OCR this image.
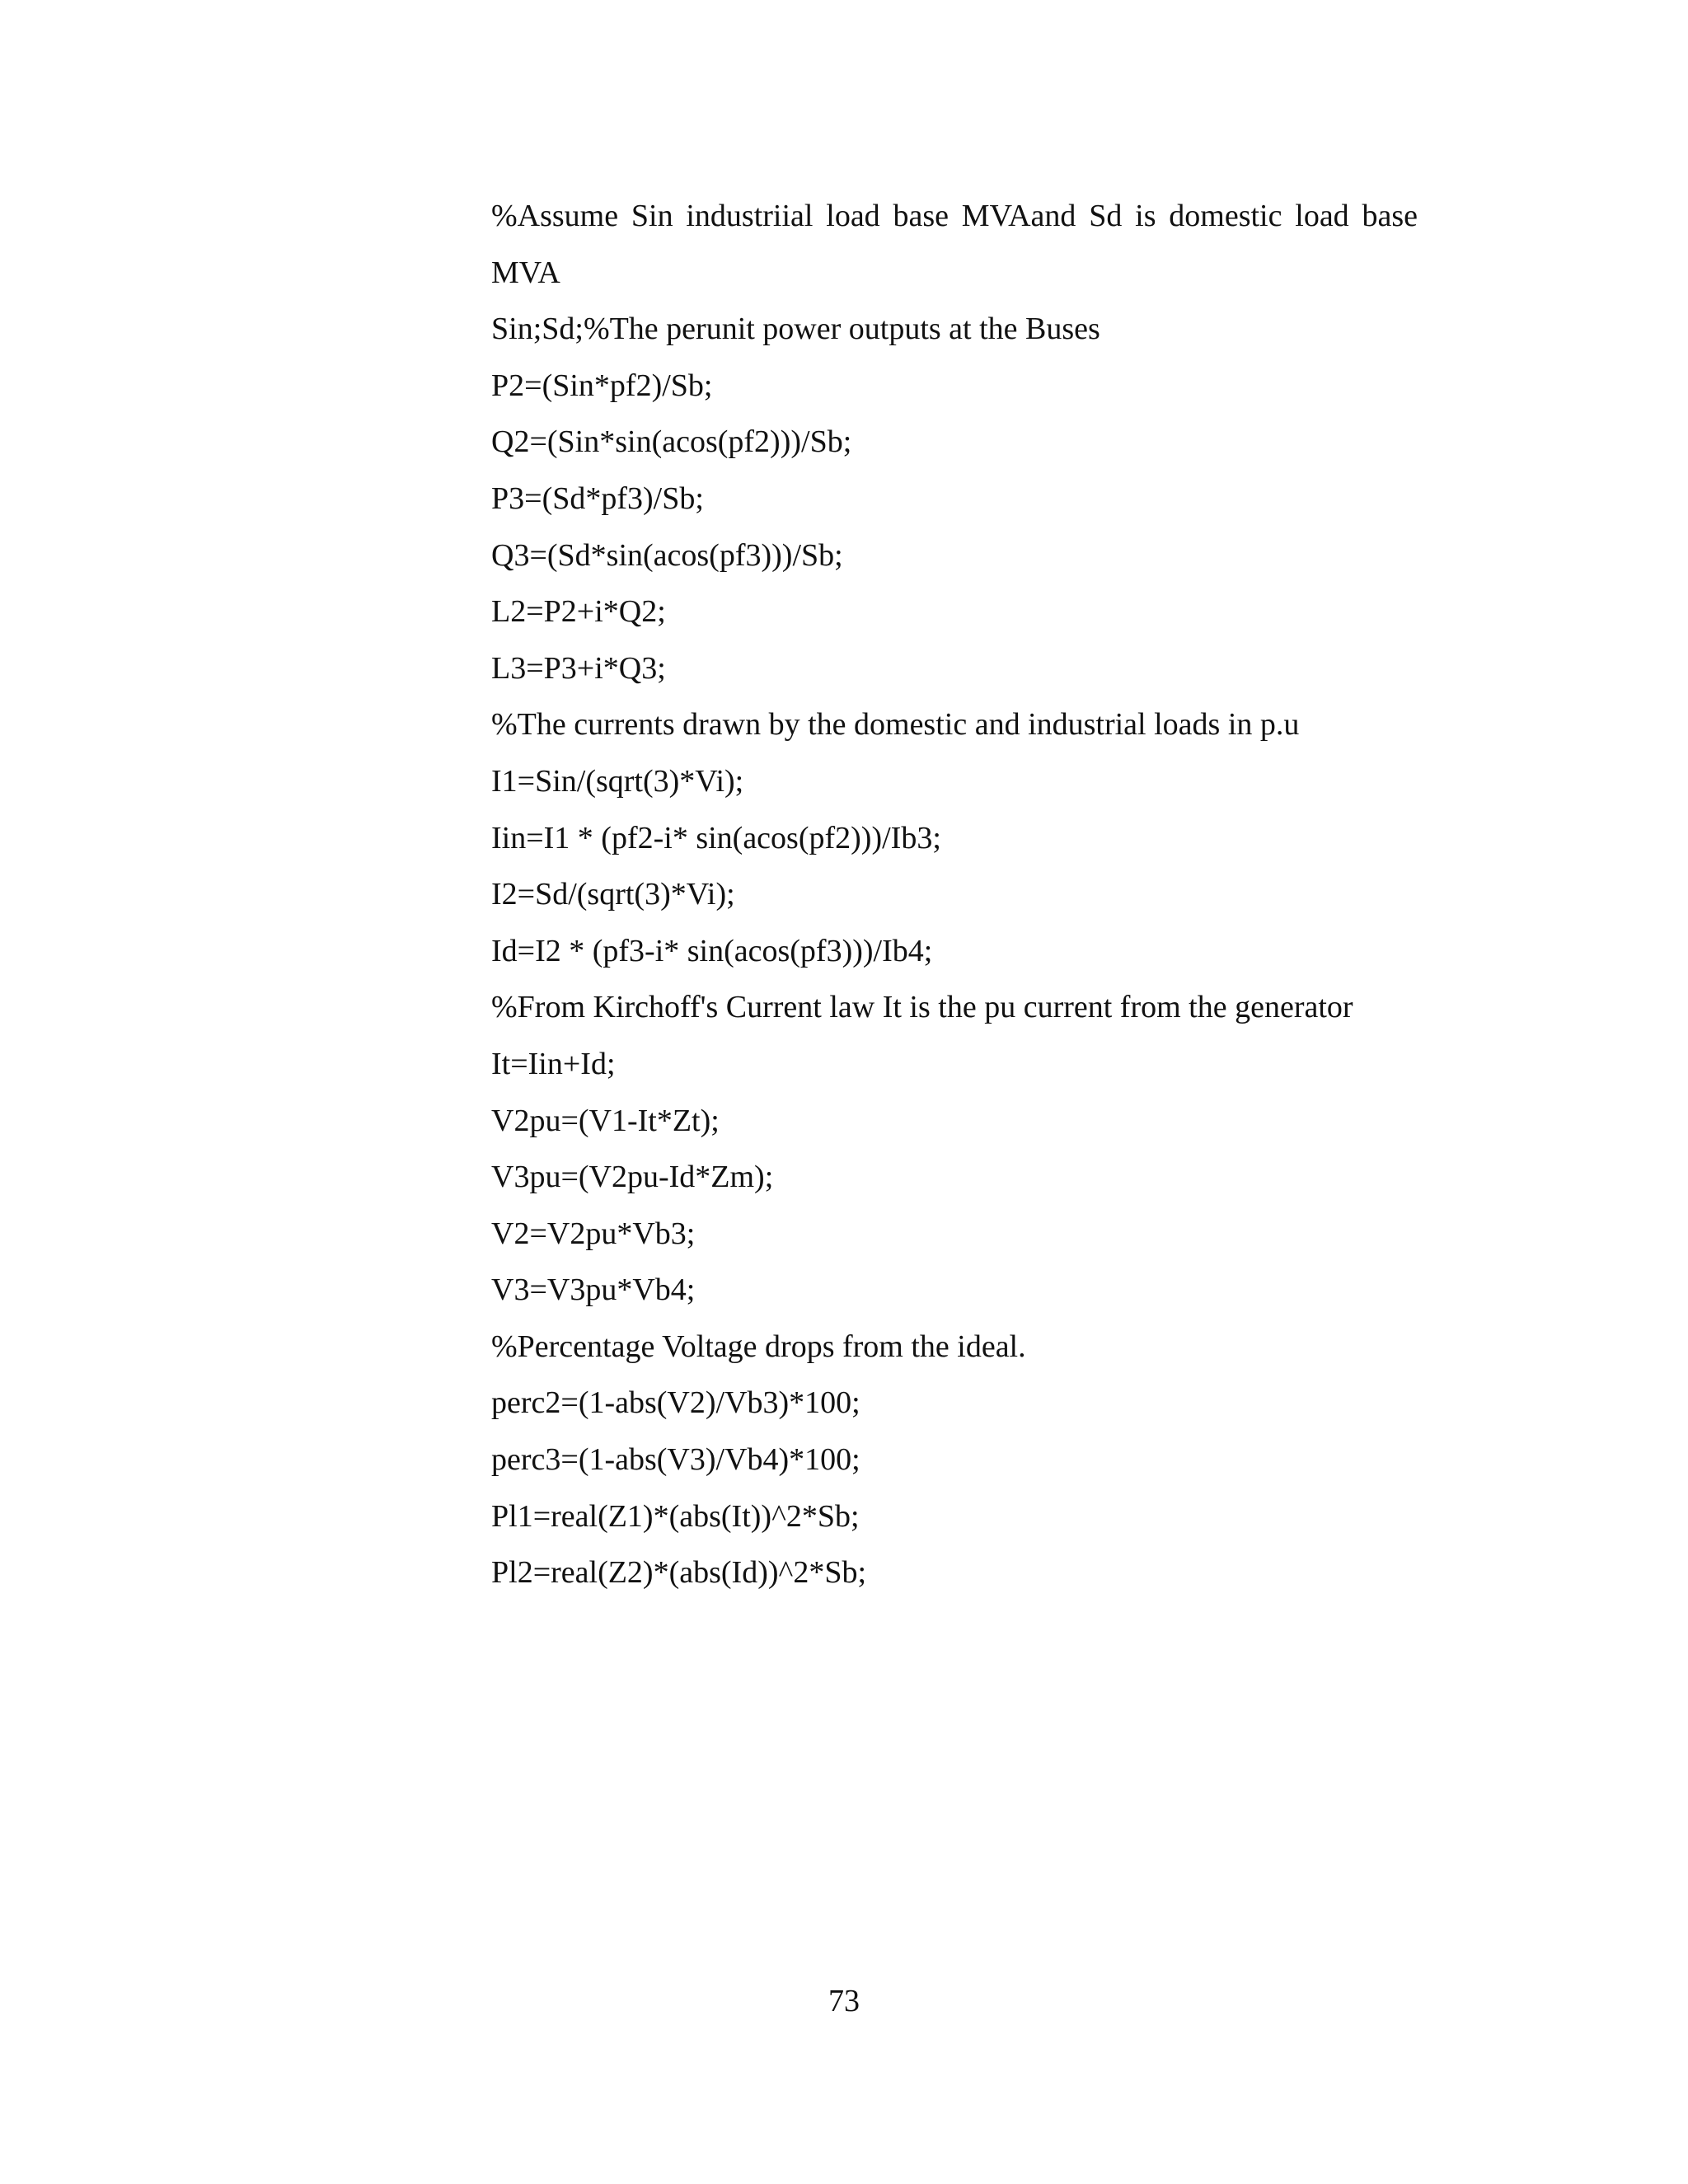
%Assume Sin industriial load base MVAand Sd is domestic load base
MVA
Sin;Sd;%The perunit power outputs at the Buses
P2=(Sin*pf2)/Sb;
Q2=(Sin*sin(acos(pf2)))/Sb;
P3=(Sd*pf3)/Sb;
Q3=(Sd*sin(acos(pf3)))/Sb;
L2=P2+i*Q2;
L3=P3+i*Q3;
%The currents drawn by the domestic and industrial loads in p.u
I1=Sin/(sqrt(3)*Vi);
Iin=I1 * (pf2-i* sin(acos(pf2)))/Ib3;
I2=Sd/(sqrt(3)*Vi);
Id=I2 * (pf3-i* sin(acos(pf3)))/Ib4;
%From Kirchoff's Current law It is the pu current from the generator
It=Iin+Id;
V2pu=(V1-It*Zt);
V3pu=(V2pu-Id*Zm);
V2=V2pu*Vb3;
V3=V3pu*Vb4;
%Percentage Voltage drops from the ideal.
perc2=(1-abs(V2)/Vb3)*100;
perc3=(1-abs(V3)/Vb4)*100;
Pl1=real(Z1)*(abs(It))^2*Sb;
Pl2=real(Z2)*(abs(Id))^2*Sb;
73
